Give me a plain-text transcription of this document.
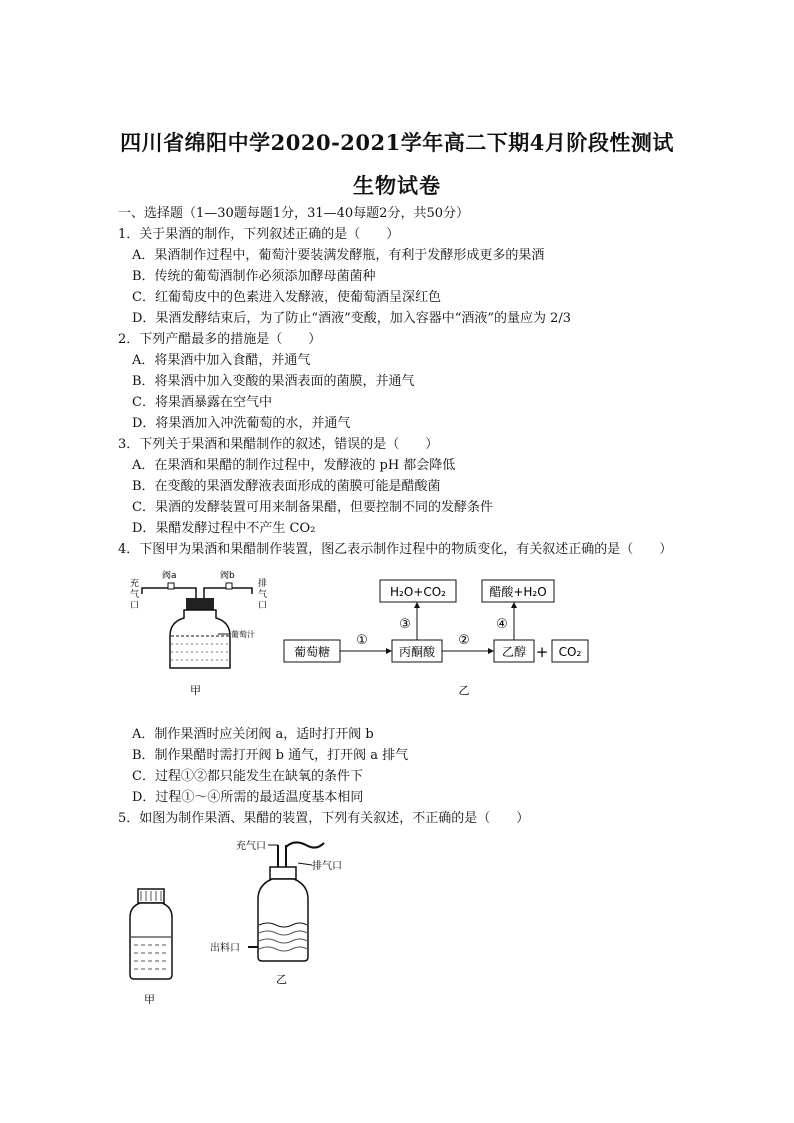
四川省绵阳中学2020-2021学年高二下期4月阶段性测试
生物试卷
一、选择题（1—30题每题1分，31—40每题2分，共50分）
1．关于果酒的制作，下列叙述正确的是（　　）
A．果酒制作过程中，葡萄汁要装满发酵瓶，有利于发酵形成更多的果酒
B．传统的葡萄酒制作必须添加酵母菌菌种
C．红葡萄皮中的色素进入发酵液，使葡萄酒呈深红色
D．果酒发酵结束后，为了防止“酒液”变酸，加入容器中“酒液”的量应为 2/3
2．下列产醋最多的措施是（　　）
A．将果酒中加入食醋，并通气
B．将果酒中加入变酸的果酒表面的菌膜，并通气
C．将果酒暴露在空气中
D．将果酒加入冲洗葡萄的水，并通气
3．下列关于果酒和果醋制作的叙述，错误的是（　　）
A．在果酒和果醋的制作过程中，发酵液的 pH 都会降低
B．在变酸的果酒发酵液表面形成的菌膜可能是醋酸菌
C．果酒的发酵装置可用来制备果醋，但要控制不同的发酵条件
D．果醋发酵过程中不产生 CO₂
4．下图甲为果酒和果醋制作装置，图乙表示制作过程中的物质变化，有关叙述正确的是（　　）
充
气
口
阀a	阀b
排
气
口
葡萄汁
甲
葡萄糖
①
丙酮酸
③
H₂O+CO₂
②
乙醇
④
醋酸+H₂O
+ CO₂
乙
A．制作果酒时应关闭阀 a，适时打开阀 b
B．制作果醋时需打开阀 b 通气，打开阀 a 排气
C．过程①②都只能发生在缺氧的条件下
D．过程①～④所需的最适温度基本相同
5．如图为制作果酒、果醋的装置，下列有关叙述，不正确的是（　　）
甲
充气口
排气口
出料口
乙
